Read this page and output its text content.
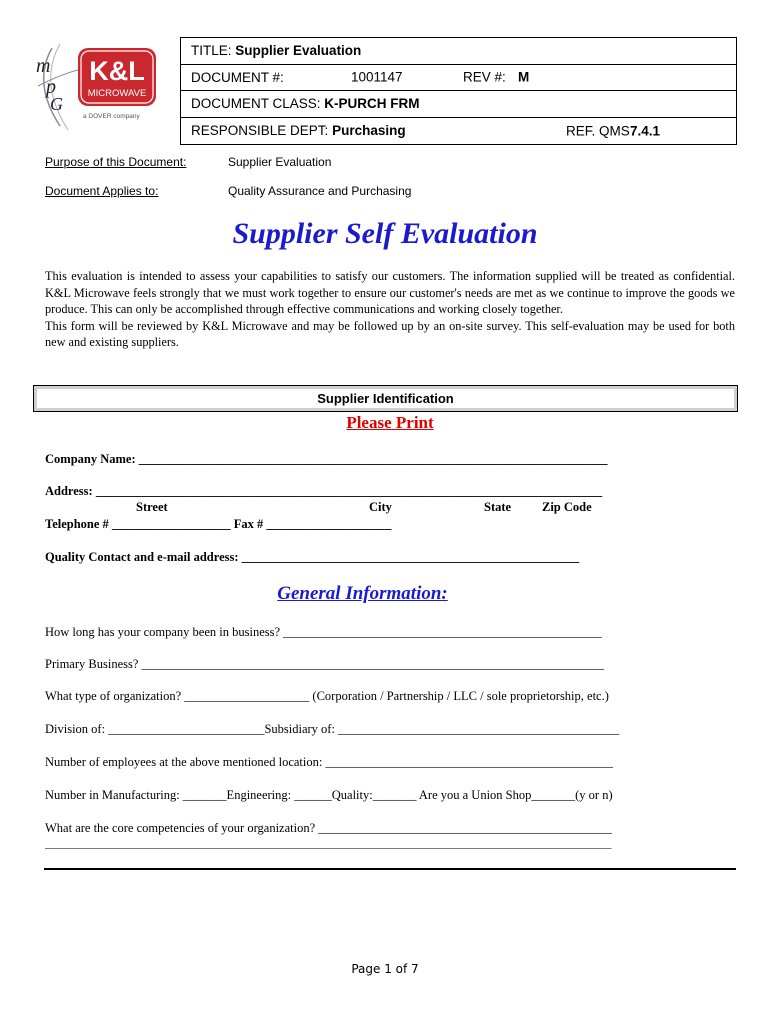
K&L
MICROWAVE
m
p
G
a DOVER company
TITLE:
Supplier Evaluation
DOCUMENT #:	1001147	REV #: M
DOCUMENT CLASS:
K-PURCH FRM
RESPONSIBLE DEPT:
Purchasing	REF. QMS 7.4.1
Purpose of this Document:	Supplier Evaluation
Document Applies to:	Quality Assurance and Purchasing
Supplier Self Evaluation

This evaluation is intended to assess your capabilities to satisfy our customers. The information supplied will be treated as confidential. K&L Microwave feels strongly that we must work together to ensure our customer's needs are met as we continue to improve the goods we produce. This can only be accomplished through effective communications and working closely together.

This form will be reviewed by K&L Microwave and may be followed up by an on-site survey. This self-evaluation may be used for both new and existing suppliers.

Supplier Identification
Please Print
Company Name: ___________________________________________________________________________
Address: _________________________________________________________________________________
Street	City	State Zip Code
Telephone # ___________________ Fax # ____________________
Quality Contact and e-mail address: ______________________________________________________
General Information:
How long has your company been in business? ___________________________________________________
Primary Business? __________________________________________________________________________
What type of organization? ____________________ (Corporation / Partnership / LLC / sole proprietorship, etc.)
Division of: _________________________Subsidiary of: _____________________________________________
Number of employees at the above mentioned location: ______________________________________________
Number in Manufacturing: _______Engineering: ______Quality:_______ Are you a Union Shop_______(y or n)
What are the core competencies of your organization? _______________________________________________
_______________________________________________________________________________________________________
Page 1 of 7
